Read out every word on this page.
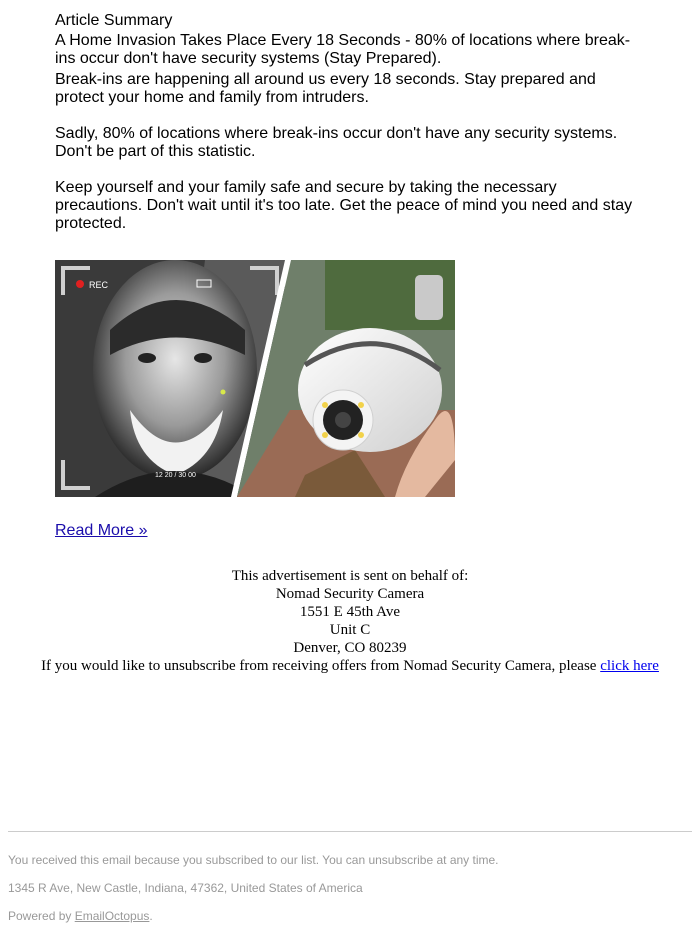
Article Summary

A Home Invasion Takes Place Every 18 Seconds - 80% of locations where break-ins occur don't have security systems (Stay Prepared).

Break-ins are happening all around us every 18 seconds. Stay prepared and protect your home and family from intruders.

Sadly, 80% of locations where break-ins occur don't have any security systems. Don't be part of this statistic.

Keep yourself and your family safe and secure by taking the necessary precautions. Don't wait until it's too late. Get the peace of mind you need and stay protected.

REC
12 20 / 30 00
Read More »
This advertisement is sent on behalf of:
Nomad Security Camera
1551 E 45th Ave
Unit C
Denver, CO 80239
If you would like to unsubscribe from receiving offers from Nomad Security Camera, please click here
You received this email because you subscribed to our list. You can unsubscribe at any time.
1345 R Ave, New Castle, Indiana, 47362, United States of America
Powered by EmailOctopus.
